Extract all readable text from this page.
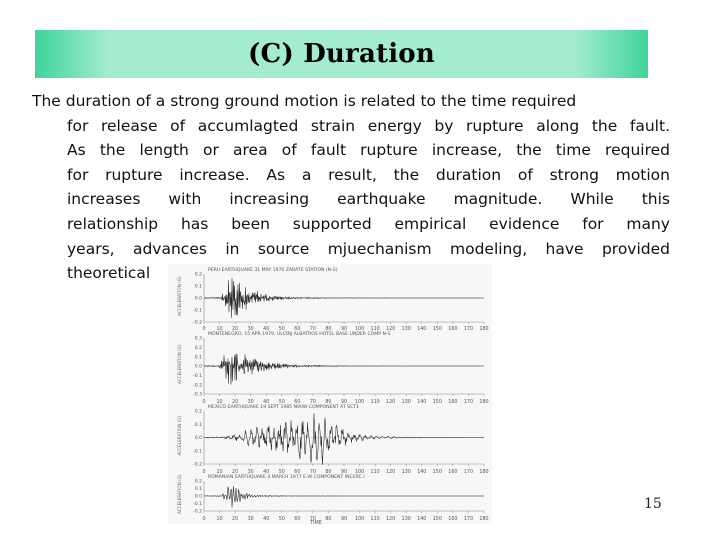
(C) Duration
The duration of a strong ground motion is related to the time required
for release of accumlagted strain energy by rupture along the fault.
As the length or area of fault rupture increase, the time required
for rupture increase. As a result, the duration of strong motion
increases with increasing earthquake magnitude. While this
relationship has been supported empirical evidence for many
years, advances in source mjuechanism modeling, have provided
theoretical	PERU EARTHQUAKE 31 MAY 1970 ZARATE STATION (N-S)
ACCELERATION (G)
0.2
0.1
0.0
-0.1
-0.2
0 10 20 30 40 50 60 70 80 90 100 110 120 130 140 150 160 170 180
MONTENEGRO, 15 APR 1979, ULCINJ ALBATROS HOTEL BASE UNDER COMP N-S
ACCELERATION (G)
0.3
0.2
0.1
0.0
-0.1
-0.2
-0.3
0 10 20 30 40 50 60 70 80 90 100 110 120 130 140 150 160 170 180
MEXICO EARTHQUAKE 19 SEPT 1985 N90W COMPONENT AT SCT1
ACCELERATION (G)
0.2
0.1
0.0
-0.1
-0.2
0 10 20 30 40 50 60 70 80 90 100 110 120 130 140 150 160 170 180
ROMANIAN EARTHQUAKE 4 MARCH 1977 E-W COMPONENT INCERC I
ACCELERATION (G)	0.2
0.1
0.0
-0.1
-0.2
0 10 20 30 40 50 60 70 80 90 100 110 120 130 140 150 160 170 180
TIME
15
